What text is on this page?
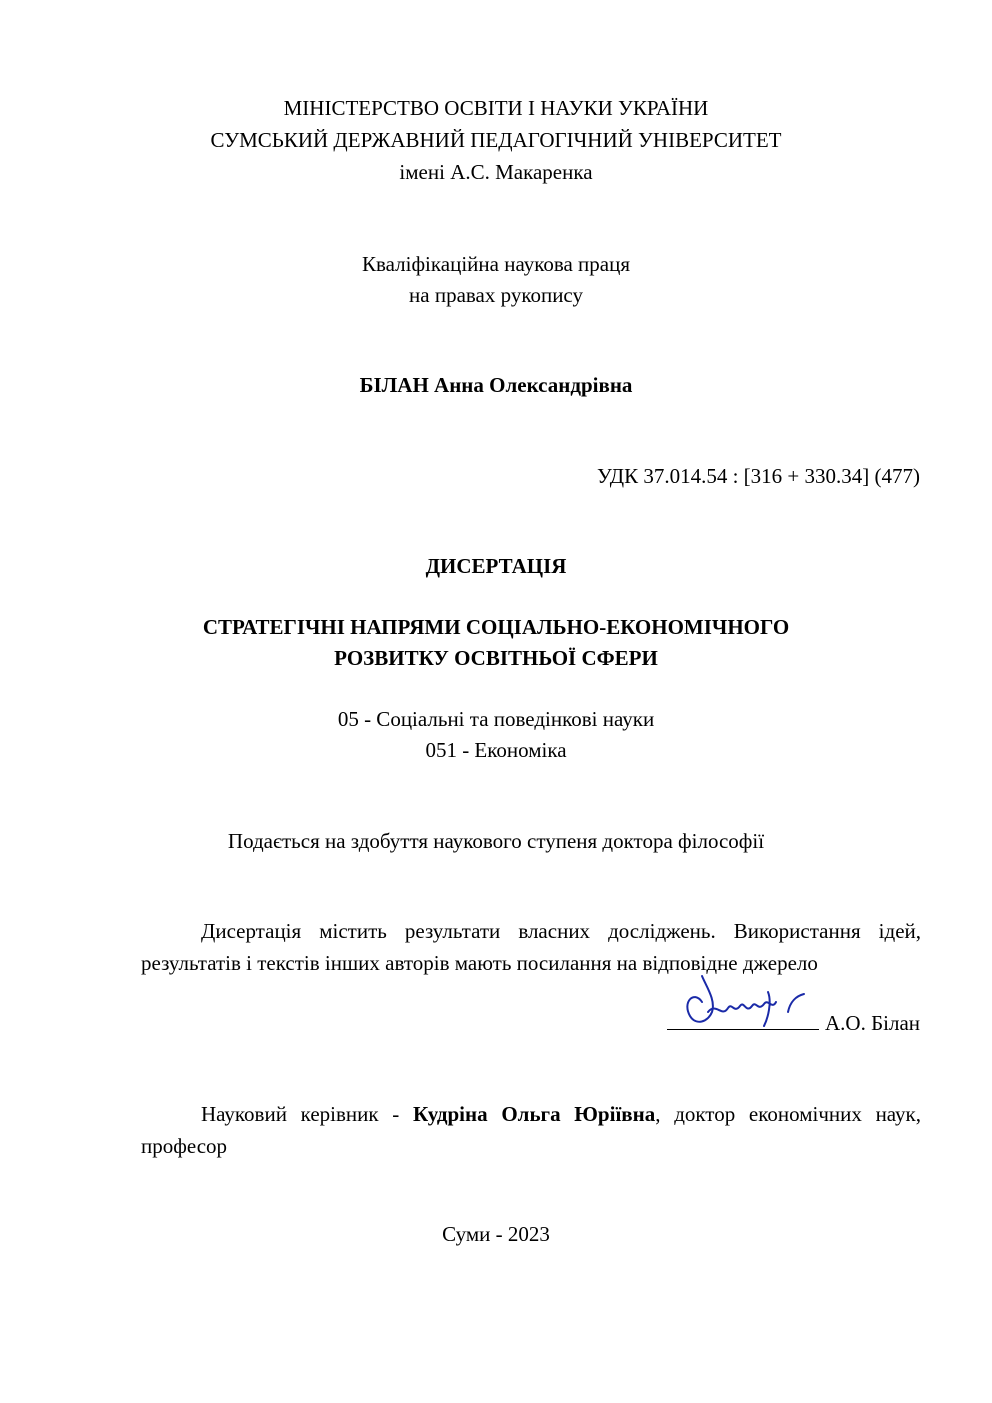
МІНІСТЕРСТВО ОСВІТИ І НАУКИ УКРАЇНИ
СУМСЬКИЙ ДЕРЖАВНИЙ ПЕДАГОГІЧНИЙ УНІВЕРСИТЕТ
імені А.С. Макаренка
Кваліфікаційна наукова праця
на правах рукопису
БІЛАН Анна Олександрівна
УДК 37.014.54 : [316 + 330.34] (477)
ДИСЕРТАЦІЯ
СТРАТЕГІЧНІ НАПРЯМИ СОЦІАЛЬНО-ЕКОНОМІЧНОГО
РОЗВИТКУ ОСВІТНЬОЇ СФЕРИ
05 - Соціальні та поведінкові науки
051 - Економіка
Подається на здобуття наукового ступеня доктора філософії
Дисертація містить результати власних досліджень. Використання ідей, результатів і текстів інших авторів мають посилання на відповідне джерело
А.О. Білан
Науковий керівник - Кудріна Ольга Юріївна, доктор економічних наук, професор
Суми - 2023
